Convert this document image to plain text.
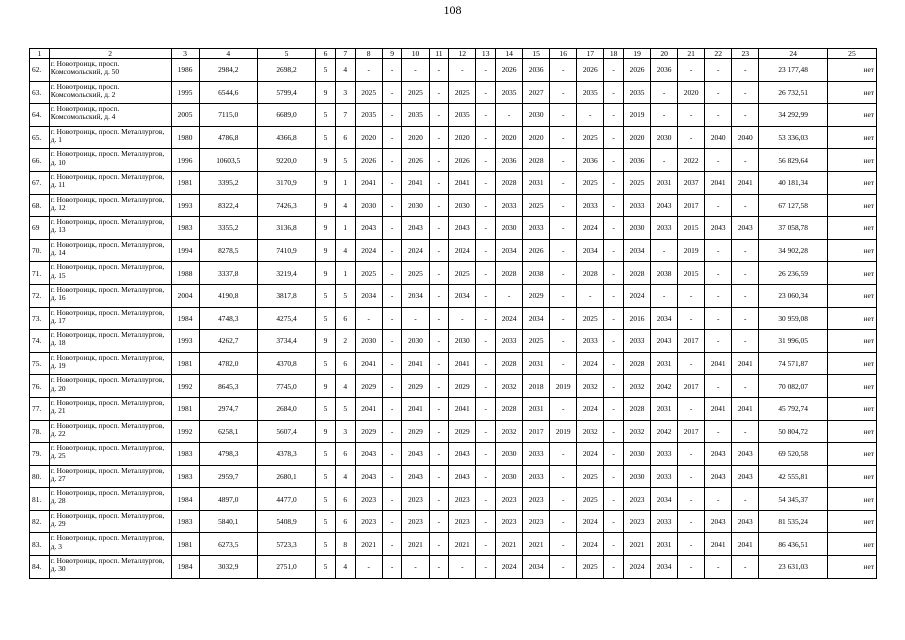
108
1	2	3	4	5	6	7	8	9	10	11	12	13	14	15	16	17	18	19	20	21	22	23	24	25
62.	г. Новотроицк, просп. Комсомольский, д. 50	1986	2984,2	2698,2	5	4	-	-	-	-	-	-	2026	2036	-	2026	-	2026	2036	-	-	-	23 177,48	нет
63.	г. Новотроицк, просп. Комсомольский, д. 2	1995	6544,6	5799,4	9	3	2025	-	2025	-	2025	-	2035	2027	-	2035	-	2035	-	2020	-	-	26 732,51	нет
64.	г. Новотроицк, просп. Комсомольский, д. 4	2005	7115,0	6689,0	5	7	2035	-	2035	-	2035	-	-	2030	-	-	-	2019	-	-	-	-	34 292,99	нет
65.	г. Новотроицк, просп. Металлургов, д. 1	1980	4786,8	4366,8	5	6	2020	-	2020	-	2020	-	2020	2020	-	2025	-	2020	2030	-	2040	2040	53 336,03	нет
66.	г. Новотроицк, просп. Металлургов, д. 10	1996	10603,5	9220,0	9	5	2026	-	2026	-	2026	-	2036	2028	-	2036	-	2036	-	2022	-	-	56 829,64	нет
67.	г. Новотроицк, просп. Металлургов, д. 11	1981	3395,2	3170,9	9	1	2041	-	2041	-	2041	-	2028	2031	-	2025	-	2025	2031	2037	2041	2041	40 181,34	нет
68.	г. Новотроицк, просп. Металлургов, д. 12	1993	8322,4	7426,3	9	4	2030	-	2030	-	2030	-	2033	2025	-	2033	-	2033	2043	2017	-	-	67 127,58	нет
69	г. Новотроицк, просп. Металлургов, д. 13	1983	3355,2	3136,8	9	1	2043	-	2043	-	2043	-	2030	2033	-	2024	-	2030	2033	2015	2043	2043	37 058,78	нет
70.	г. Новотроицк, просп. Металлургов, д. 14	1994	8278,5	7410,9	9	4	2024	-	2024	-	2024	-	2034	2026	-	2034	-	2034	-	2019	-	-	34 902,28	нет
71.	г. Новотроицк, просп. Металлургов, д. 15	1988	3337,8	3219,4	9	1	2025	-	2025	-	2025	-	2028	2038	-	2028	-	2028	2038	2015	-	-	26 236,59	нет
72.	г. Новотроицк, просп. Металлургов, д. 16	2004	4190,8	3817,8	5	5	2034	-	2034	-	2034	-	-	2029	-	-	-	2024	-	-	-	-	23 060,34	нет
73.	г. Новотроицк, просп. Металлургов, д. 17	1984	4748,3	4275,4	5	6	-	-	-	-	-	-	2024	2034	-	2025	-	2016	2034	-	-	-	30 959,08	нет
74.	г. Новотроицк, просп. Металлургов, д. 18	1993	4262,7	3734,4	9	2	2030	-	2030	-	2030	-	2033	2025	-	2033	-	2033	2043	2017	-	-	31 996,05	нет
75.	г. Новотроицк, просп. Металлургов, д. 19	1981	4782,0	4370,8	5	6	2041	-	2041	-	2041	-	2028	2031	-	2024	-	2028	2031	-	2041	2041	74 571,87	нет
76.	г. Новотроицк, просп. Металлургов, д. 20	1992	8645,3	7745,0	9	4	2029	-	2029	-	2029	-	2032	2018	2019	2032	-	2032	2042	2017	-	-	70 082,07	нет
77.	г. Новотроицк, просп. Металлургов, д. 21	1981	2974,7	2684,0	5	5	2041	-	2041	-	2041	-	2028	2031	-	2024	-	2028	2031	-	2041	2041	45 792,74	нет
78.	г. Новотроицк, просп. Металлургов, д. 22	1992	6258,1	5607,4	9	3	2029	-	2029	-	2029	-	2032	2017	2019	2032	-	2032	2042	2017	-	-	50 804,72	нет
79.	г. Новотроицк, просп. Металлургов, д. 25	1983	4798,3	4378,3	5	6	2043	-	2043	-	2043	-	2030	2033	-	2024	-	2030	2033	-	2043	2043	69 520,58	нет
80.	г. Новотроицк, просп. Металлургов, д. 27	1983	2959,7	2680,1	5	4	2043	-	2043	-	2043	-	2030	2033	-	2025	-	2030	2033	-	2043	2043	42 555,81	нет
81.	г. Новотроицк, просп. Металлургов, д. 28	1984	4897,0	4477,0	5	6	2023	-	2023	-	2023	-	2023	2023	-	2025	-	2023	2034	-	-	-	54 345,37	нет
82.	г. Новотроицк, просп. Металлургов, д. 29	1983	5840,1	5408,9	5	6	2023	-	2023	-	2023	-	2023	2023	-	2024	-	2023	2033	-	2043	2043	81 535,24	нет
83.	г. Новотроицк, просп. Металлургов, д. 3	1981	6273,5	5723,3	5	8	2021	-	2021	-	2021	-	2021	2021	-	2024	-	2021	2031	-	2041	2041	86 436,51	нет
84.	г. Новотроицк, просп. Металлургов, д. 30	1984	3032,9	2751,0	5	4	-	-	-	-	-	-	2024	2034	-	2025	-	2024	2034	-	-	-	23 631,03	нет
